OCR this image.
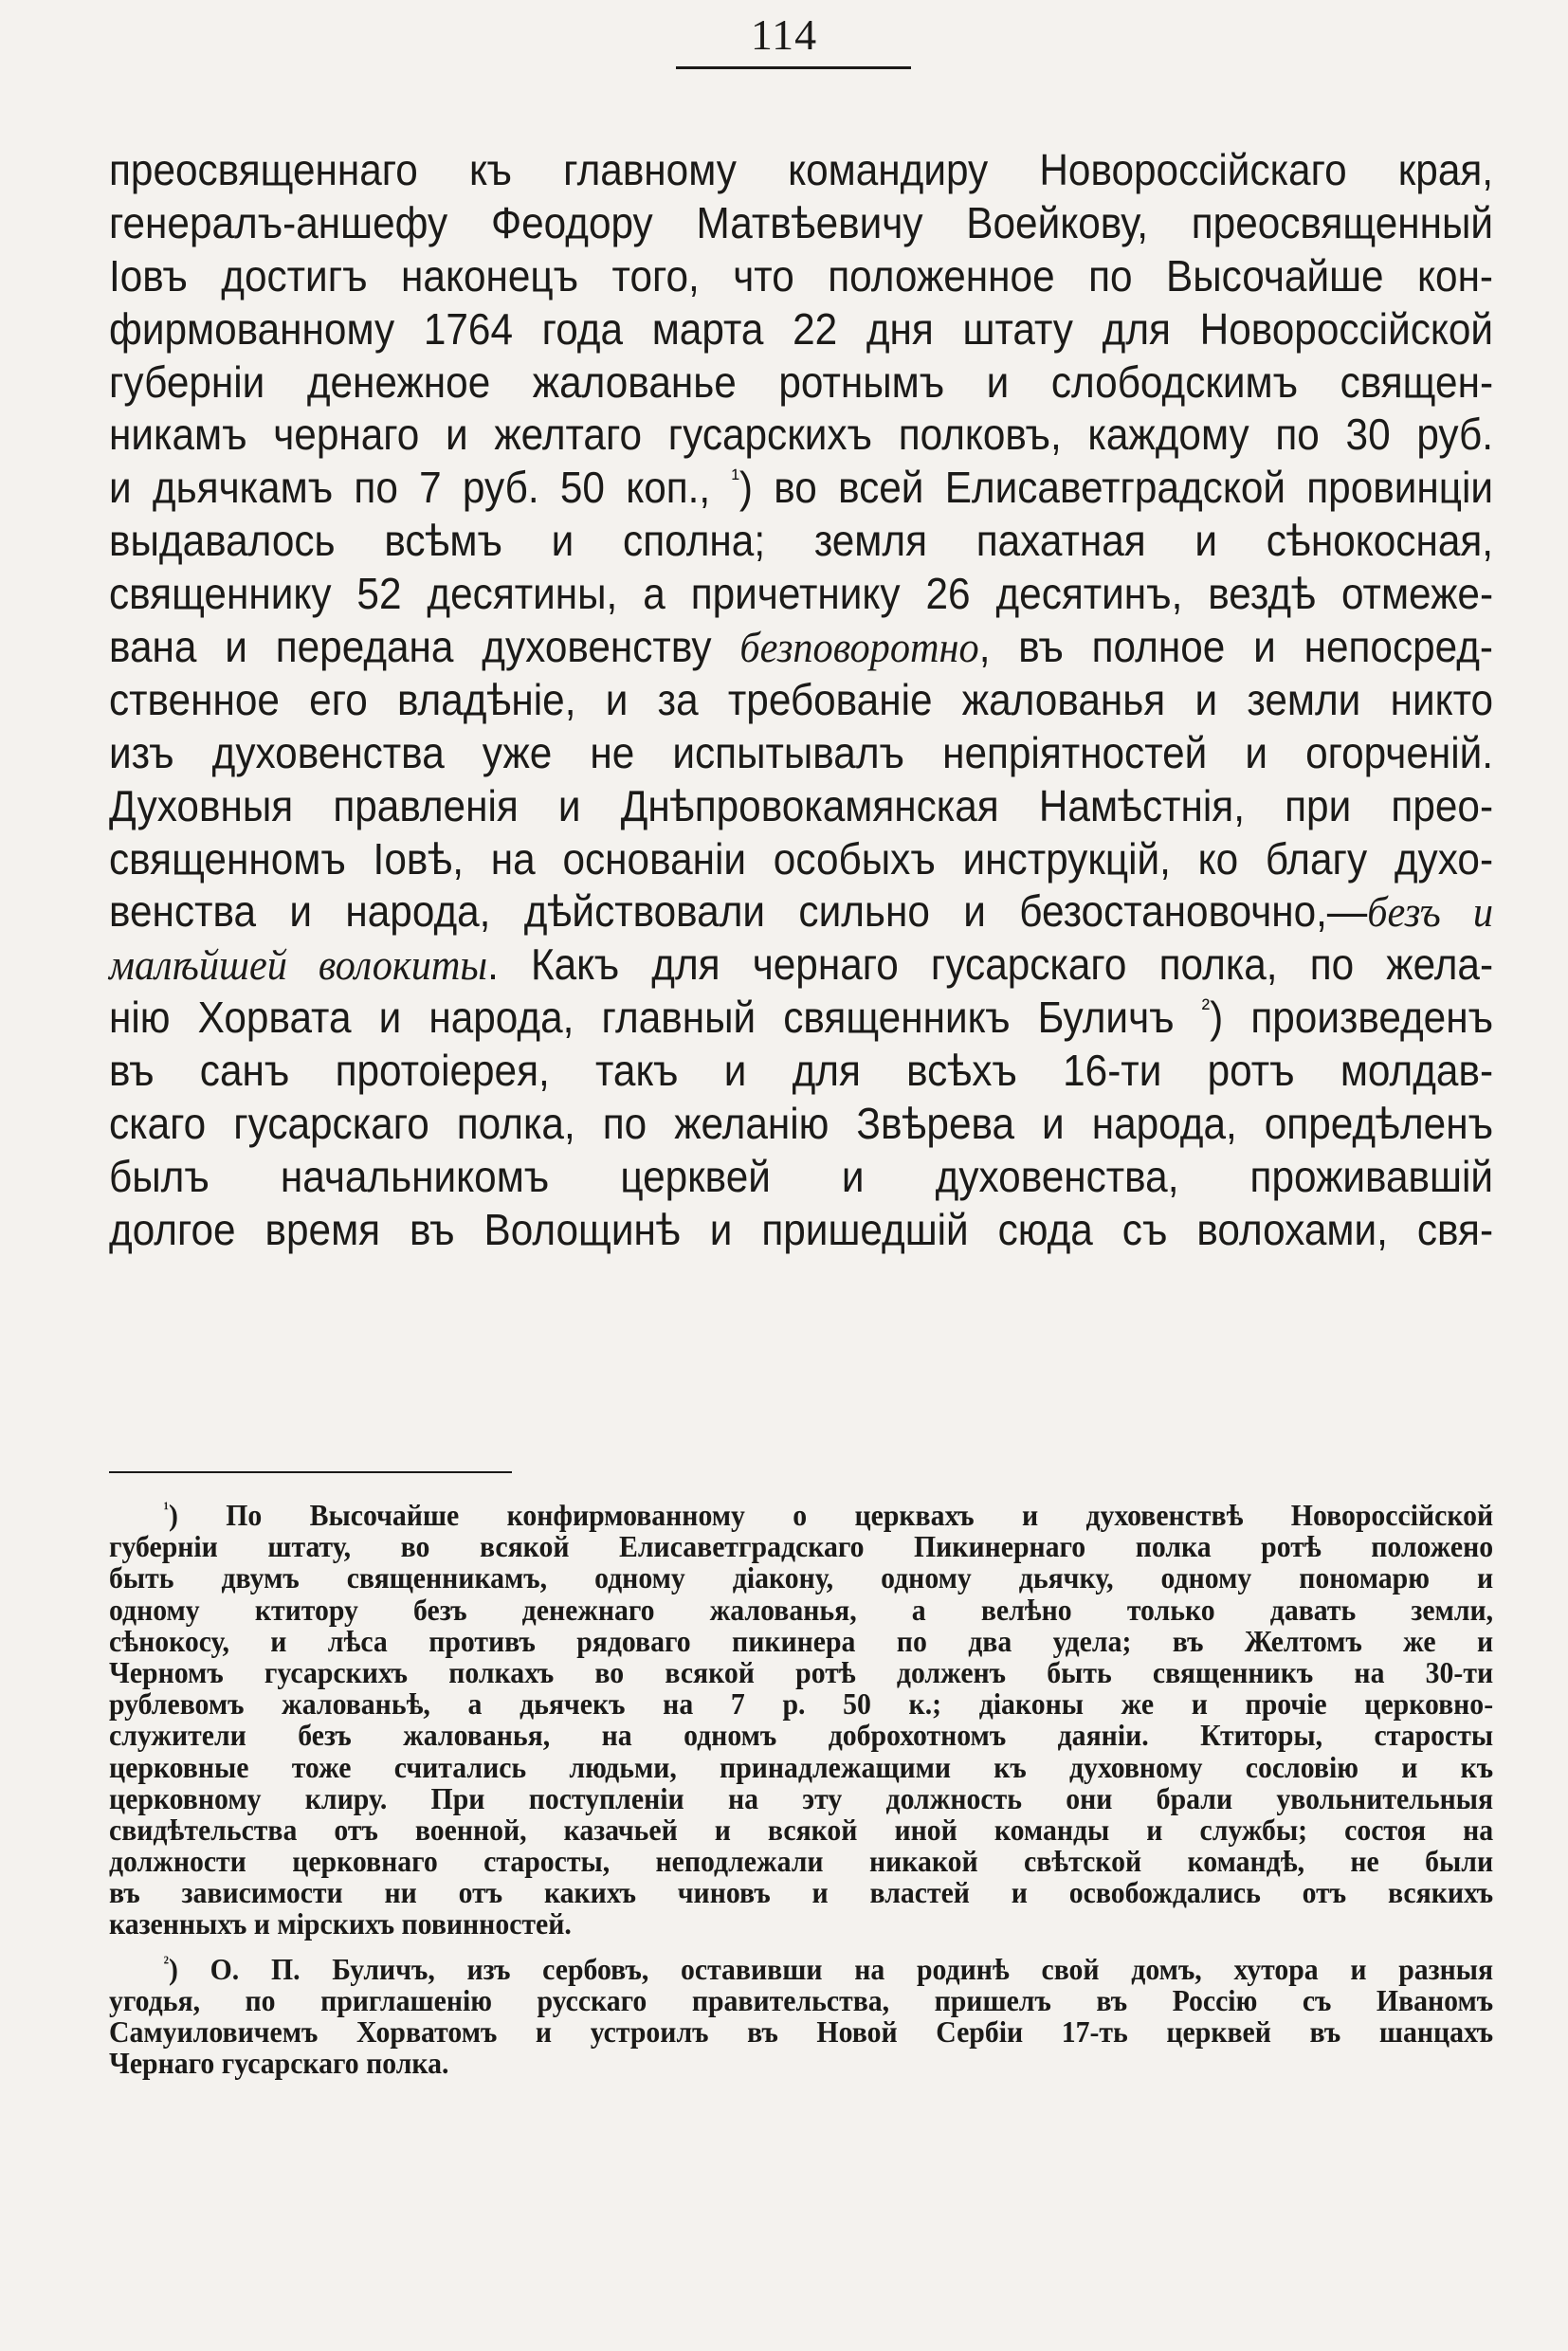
114
преосвященнаго къ главному командиру Новороссійскаго края,
генералъ-аншефу Феодору Матвѣевичу Воейкову, преосвященный
Іовъ достигъ наконецъ того, что положенное по Высочайше кон-
фирмованному 1764 года марта 22 дня штату для Новороссійской
губерніи денежное жалованье ротнымъ и слободскимъ священ-
никамъ чернаго и желтаго гусарскихъ полковъ, каждому по 30 руб.
и дьячкамъ по 7 руб. 50 коп., $^{^1}$) во всей Елисаветградской провинціи
выдавалось всѣмъ и сполна; земля пахатная и сѣнокосная,
священнику 52 десятины, а причетнику 26 десятинъ, вездѣ отмеже-
вана и передана духовенству безповоротно, въ полное и непосред-
ственное его владѣніе, и за требованіе жалованья и земли никто
изъ духовенства уже не испытывалъ непріятностей и огорченій.
Духовныя правленія и Днѣпровокамянская Намѣстнія, при прео-
священномъ Іовѣ, на основаніи особыхъ инструкцій, ко благу духо-
венства и народа, дѣйствовали сильно и безостановочно,—безъ и
малѣйшей волокиты. Какъ для чернаго гусарскаго полка, по жела-
нію Хорвата и народа, главный священникъ Буличъ $^{^2}$) произведенъ
въ санъ протоіерея, такъ и для всѣхъ 16-ти ротъ молдав-
скаго гусарскаго полка, по желанію Звѣрева и народа, опредѣленъ
былъ начальникомъ церквей и духовенства, проживавшій
долгое время въ Волощинѣ и пришедшій сюда съ волохами, свя-
$^{^1}$) По Высочайше конфирмованному о церквахъ и духовенствѣ Новороссійской
губерніи штату, во всякой Елисаветградскаго Пикинернаго полка ротѣ положено
быть двумъ священникамъ, одному діакону, одному дьячку, одному пономарю и
одному ктитору безъ денежнаго жалованья, а велѣно только давать земли,
сѣнокосу, и лѣса противъ рядоваго пикинера по два удела; въ Желтомъ же и
Черномъ гусарскихъ полкахъ во всякой ротѣ долженъ быть священникъ на 30-ти
рублевомъ жалованьѣ, а дьячекъ на 7 р. 50 к.; діаконы же и прочіе церковно-
служители безъ жалованья, на одномъ доброхотномъ даяніи. Ктиторы, старосты
церковные тоже считались людьми, принадлежащими къ духовному сословію и къ
церковному клиру. При поступленіи на эту должность они брали увольнительныя
свидѣтельства отъ военной, казачьей и всякой иной команды и службы; состоя на
должности церковнаго старосты, неподлежали никакой свѣтской командѣ, не были
въ зависимости ни отъ какихъ чиновъ и властей и освобождались отъ всякихъ
казенныхъ и мірскихъ повинностей.
$^{^2}$) О. П. Буличъ, изъ сербовъ, оставивши на родинѣ свой домъ, хутора и разныя
угодья, по приглашенію русскаго правительства, пришелъ въ Россію съ Иваномъ
Самуиловичемъ Хорватомъ и устроилъ въ Новой Сербіи 17-ть церквей въ шанцахъ
Чернаго гусарскаго полка.
